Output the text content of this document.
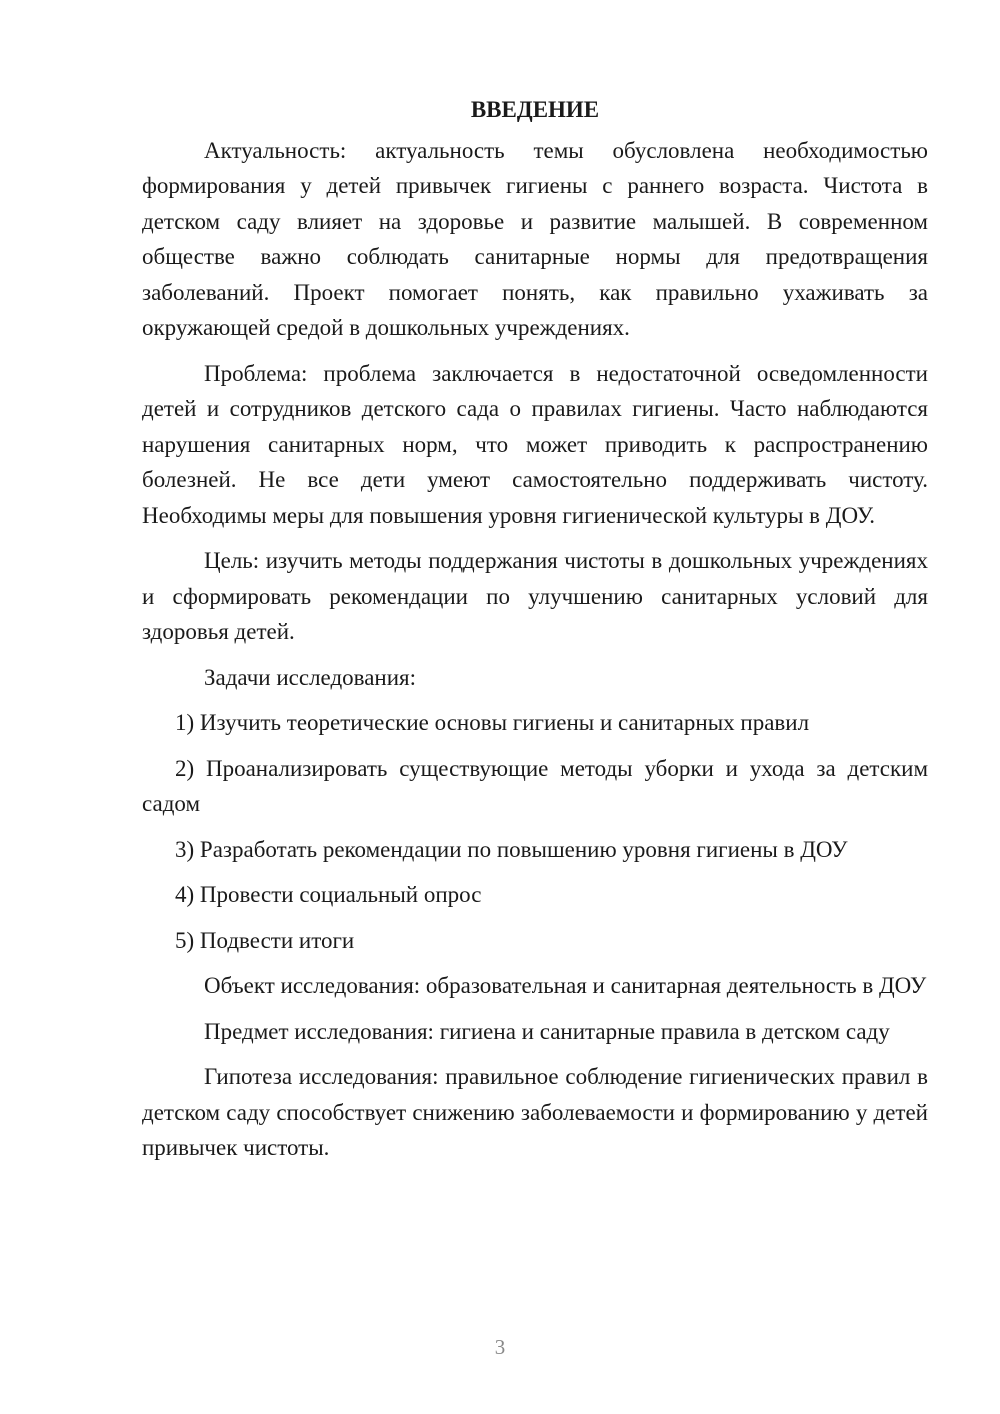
ВВЕДЕНИЕ

Актуальность: актуальность темы обусловлена необходимостью формирования у детей привычек гигиены с раннего возраста. Чистота в детском саду влияет на здоровье и развитие малышей. В современном обществе важно соблюдать санитарные нормы для предотвращения заболеваний. Проект помогает понять, как правильно ухаживать за окружающей средой в дошкольных учреждениях.

Проблема: проблема заключается в недостаточной осведомленности детей и сотрудников детского сада о правилах гигиены. Часто наблюдаются нарушения санитарных норм, что может приводить к распространению болезней. Не все дети умеют самостоятельно поддерживать чистоту. Необходимы меры для повышения уровня гигиенической культуры в ДОУ.

Цель: изучить методы поддержания чистоты в дошкольных учреждениях и сформировать рекомендации по улучшению санитарных условий для здоровья детей.

Задачи исследования:

1) Изучить теоретические основы гигиены и санитарных правил

2) Проанализировать существующие методы уборки и ухода за детским садом

3) Разработать рекомендации по повышению уровня гигиены в ДОУ

4) Провести социальный опрос

5) Подвести итоги

Объект исследования: образовательная и санитарная деятельность в ДОУ

Предмет исследования: гигиена и санитарные правила в детском саду

Гипотеза исследования: правильное соблюдение гигиенических правил в детском саду способствует снижению заболеваемости и формированию у детей привычек чистоты.

3
